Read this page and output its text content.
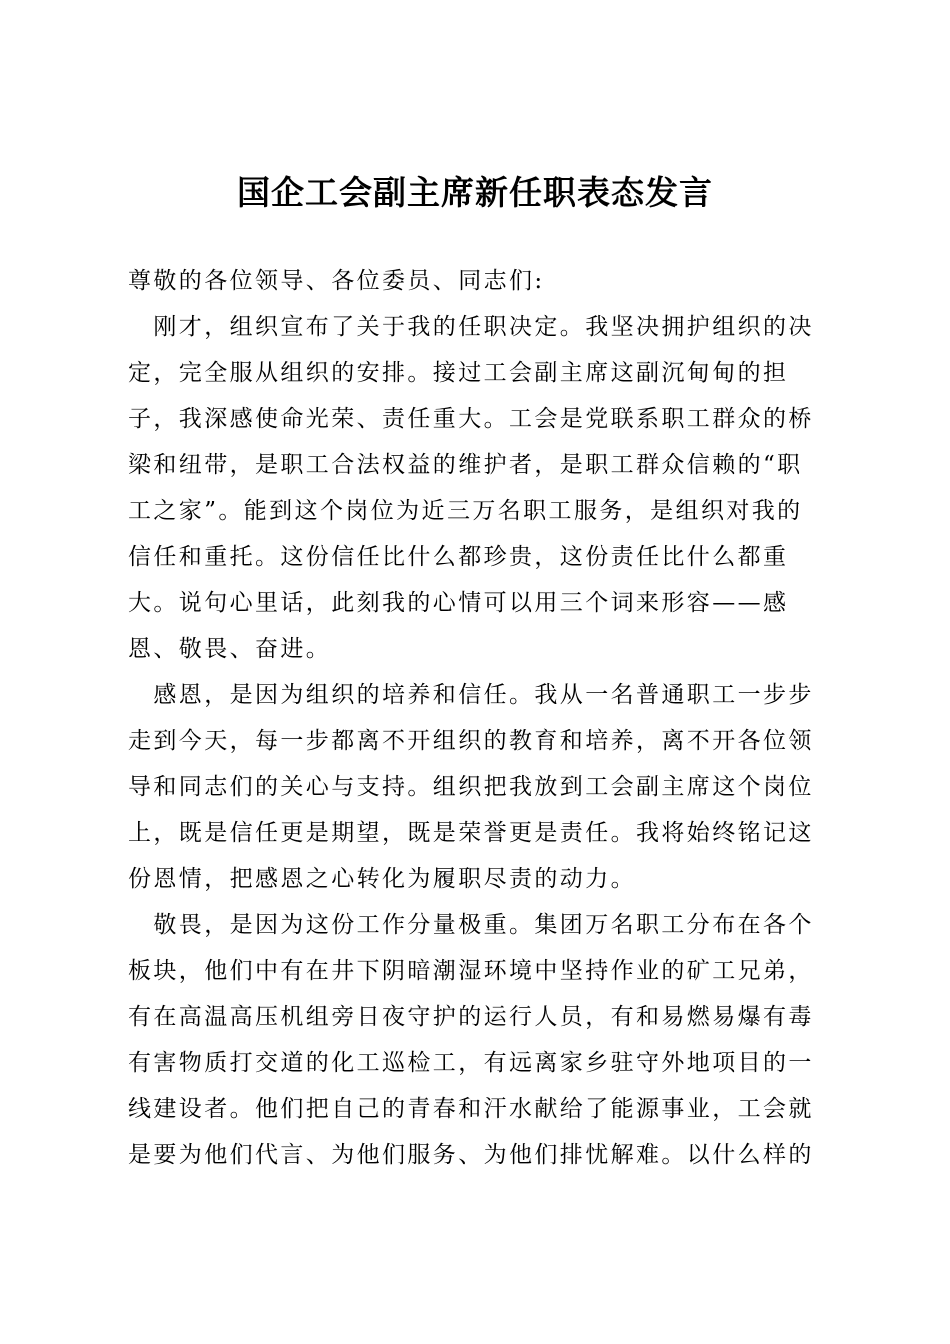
国企工会副主席新任职表态发言
尊敬的各位领导、各位委员、同志们:
　刚才，组织宣布了关于我的任职决定。我坚决拥护组织的决
定，完全服从组织的安排。接过工会副主席这副沉甸甸的担
子，我深感使命光荣、责任重大。工会是党联系职工群众的桥
梁和纽带，是职工合法权益的维护者，是职工群众信赖的“职
工之家”。能到这个岗位为近三万名职工服务，是组织对我的
信任和重托。这份信任比什么都珍贵，这份责任比什么都重
大。说句心里话，此刻我的心情可以用三个词来形容——感
恩、敬畏、奋进。
　感恩，是因为组织的培养和信任。我从一名普通职工一步步
走到今天，每一步都离不开组织的教育和培养，离不开各位领
导和同志们的关心与支持。组织把我放到工会副主席这个岗位
上，既是信任更是期望，既是荣誉更是责任。我将始终铭记这
份恩情，把感恩之心转化为履职尽责的动力。
　敬畏，是因为这份工作分量极重。集团万名职工分布在各个
板块，他们中有在井下阴暗潮湿环境中坚持作业的矿工兄弟，
有在高温高压机组旁日夜守护的运行人员，有和易燃易爆有毒
有害物质打交道的化工巡检工，有远离家乡驻守外地项目的一
线建设者。他们把自己的青春和汗水献给了能源事业，工会就
是要为他们代言、为他们服务、为他们排忧解难。以什么样的
